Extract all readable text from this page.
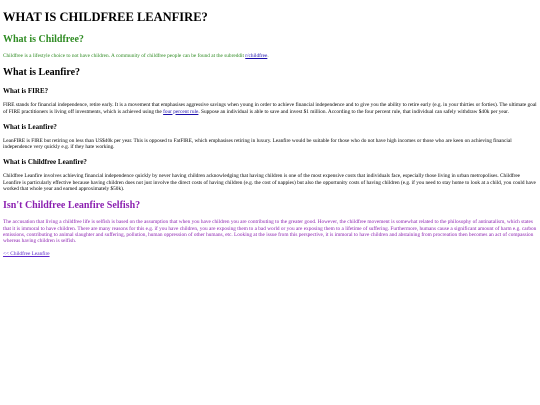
WHAT IS CHILDFREE LEANFIRE?
What is Childfree?

Childfree is a lifestyle choice to not have children. A community of childfree people can be found at the subreddit r/childfree.

What is Leanfire?
What is FIRE?

FIRE stands for financial independence, retire early. It is a movement that emphasises aggressive savings when young in order to achieve financial independence and to give you the ability to retire early (e.g. in your thirties or forties). The ultimate goal of FIRE practitioners is living off investments, which is achieved using the four percent rule. Suppose an individual is able to save and invest $1 million. According to the four percent rule, that individual can safely withdraw $40k per year.

What is Leanfire?

LeanFIRE is FIRE but retiring on less than US$40k per year. This is opposed to FatFIRE, which emphasises retiring in luxury. Leanfire would be suitable for those who do not have high incomes or those who are keen on achieving financial independence very quickly e.g. if they hate working.

What is Childfree Leanfire?

Childfree Leanfire involves achieving financial independence quickly by never having children acknowledging that having children is one of the most expensive costs that individuals face, especially those living in urban metropolises. Childfree Leanfire is particularly effective because having children does not just involve the direct costs of having children (e.g. the cost of nappies) but also the opportunity costs of having children (e.g. if you need to stay home to look at a child, you could have worked that whole year and earned approximately $50k).

Isn't Childfree Leanfire Selfish?

The accusation that living a childfree life is selfish is based on the assumption that when you have children you are contributing to the greater good. However, the childfree movement is somewhat related to the philosophy of antinatalism, which states that it is immoral to have children. There are many reasons for this e.g. if you have children, you are exposing them to a bad world or you are exposing them to a lifetime of suffering. Furthermore, humans cause a significant amount of harm e.g. carbon emissions, contributing to animal slaughter and suffering, pollution, human oppression of other humans, etc. Looking at the issue from this perspective, it is immoral to have children and abstaining from procreation then becomes an act of compassion whereas having children is selfish.

<< Childfree Leanfire
